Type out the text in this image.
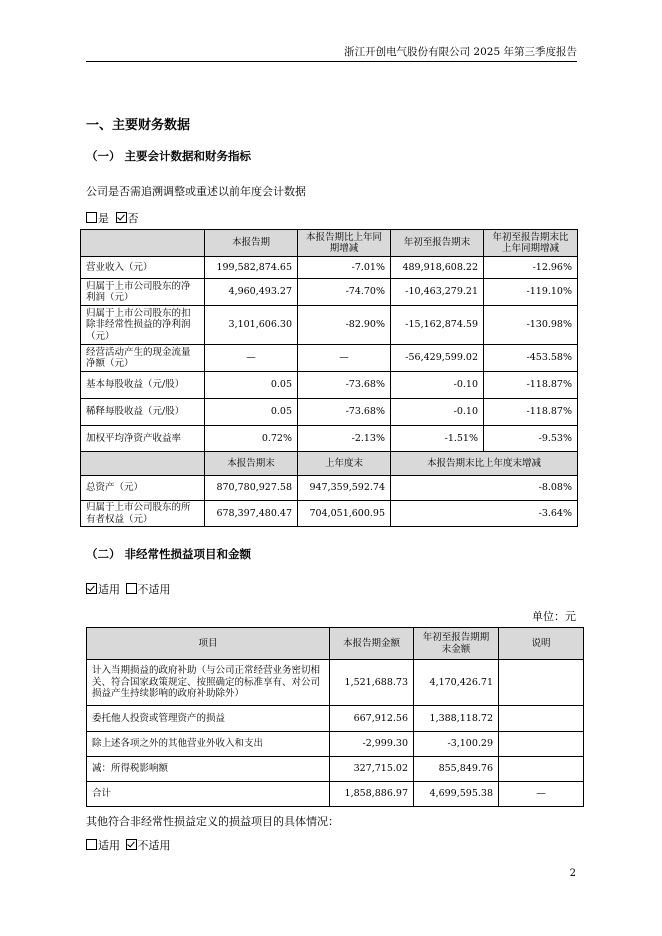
浙江开创电气股份有限公司 2025 年第三季度报告
一、主要财务数据
（一） 主要会计数据和财务指标
公司是否需追溯调整或重述以前年度会计数据
是 否
	本报告期	本报告期比上年同期增减	年初至报告期末	年初至报告期末比上年同期增减
营业收入（元）	199,582,874.65	-7.01%	489,918,608.22	-12.96%
归属于上市公司股东的净利润（元）	4,960,493.27	-74.70%	-10,463,279.21	-119.10%
归属于上市公司股东的扣除非经常性损益的净利润（元）	3,101,606.30	-82.90%	-15,162,874.59	-130.98%
经营活动产生的现金流量净额（元）	—	—	-56,429,599.02	-453.58%
基本每股收益（元/股）	0.05	-73.68%	-0.10	-118.87%
稀释每股收益（元/股）	0.05	-73.68%	-0.10	-118.87%
加权平均净资产收益率	0.72%	-2.13%	-1.51%	-9.53%
	本报告期末	上年度末	本报告期末比上年度末增减	
总资产（元）	870,780,927.58	947,359,592.74	-8.08%	
归属于上市公司股东的所有者权益（元）	678,397,480.47	704,051,600.95	-3.64%	
（二） 非经常性损益项目和金额
适用 不适用
单位：元
项目	本报告期金额	年初至报告期期末金额	说明
计入当期损益的政府补助（与公司正常经营业务密切相关、符合国家政策规定、按照确定的标准享有、对公司损益产生持续影响的政府补助除外）	1,521,688.73	4,170,426.71	
委托他人投资或管理资产的损益	667,912.56	1,388,118.72	
除上述各项之外的其他营业外收入和支出	-2,999.30	-3,100.29	
减：所得税影响额	327,715.02	855,849.76	
合计	1,858,886.97	4,699,595.38	—
其他符合非经常性损益定义的损益项目的具体情况：
适用 不适用
2
